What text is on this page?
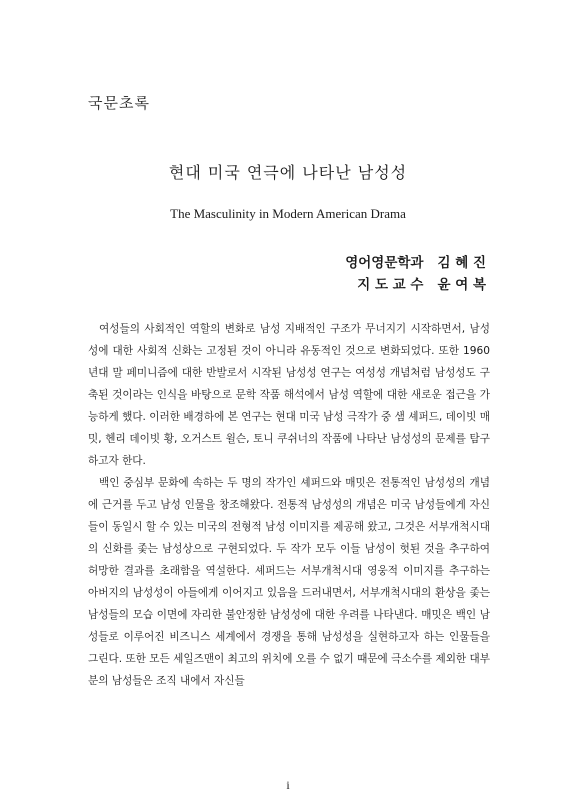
국문초록
현대 미국 연극에 나타난 남성성
The Masculinity in Modern American Drama
영어영문학과 김 혜 진
지 도 교 수 윤 여 복

여성들의 사회적인 역할의 변화로 남성 지배적인 구조가 무너지기 시작하면서, 남성성에 대한 사회적 신화는 고정된 것이 아니라 유동적인 것으로 변화되었다. 또한 1960년대 말 페미니즘에 대한 반발로서 시작된 남성성 연구는 여성성 개념처럼 남성성도 구축된 것이라는 인식을 바탕으로 문학 작품 해석에서 남성 역할에 대한 새로운 접근을 가능하게 했다. 이러한 배경하에 본 연구는 현대 미국 남성 극작가 중 샘 셰퍼드, 데이빗 매밋, 헨리 데이빗 황, 오거스트 윌슨, 토니 쿠쉬너의 작품에 나타난 남성성의 문제를 탐구하고자 한다.

백인 중심부 문화에 속하는 두 명의 작가인 셰퍼드와 매밋은 전통적인 남성성의 개념에 근거를 두고 남성 인물을 창조해왔다. 전통적 남성성의 개념은 미국 남성들에게 자신들이 동일시 할 수 있는 미국의 전형적 남성 이미지를 제공해 왔고, 그것은 서부개척시대의 신화를 좇는 남성상으로 구현되었다. 두 작가 모두 이들 남성이 헛된 것을 추구하여 허망한 결과를 초래함을 역설한다. 셰퍼드는 서부개척시대 영웅적 이미지를 추구하는 아버지의 남성성이 아들에게 이어지고 있음을 드러내면서, 서부개척시대의 환상을 좇는 남성들의 모습 이면에 자리한 불안정한 남성성에 대한 우려를 나타낸다. 매밋은 백인 남성들로 이루어진 비즈니스 세계에서 경쟁을 통해 남성성을 실현하고자 하는 인물들을 그린다. 또한 모든 세일즈맨이 최고의 위치에 오를 수 없기 때문에 극소수를 제외한 대부분의 남성들은 조직 내에서 자신들

i
